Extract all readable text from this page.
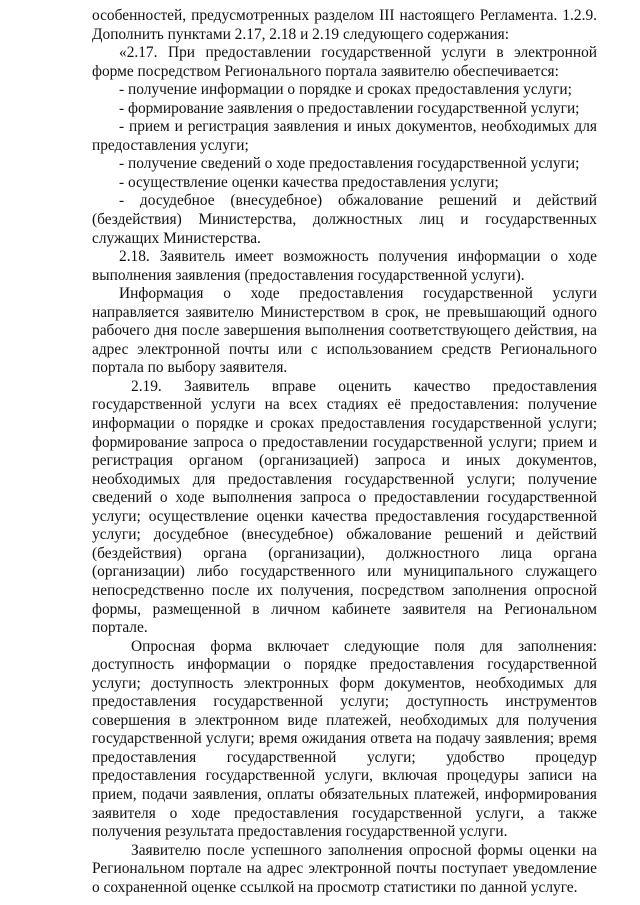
особенностей, предусмотренных разделом III настоящего Регламента. 1.2.9. Дополнить пунктами 2.17, 2.18 и 2.19 следующего содержания:

«2.17. При предоставлении государственной услуги в электронной форме посредством Регионального портала заявителю обеспечивается:

- получение информации о порядке и сроках предоставления услуги;

- формирование заявления о предоставлении государственной услуги;

- прием и регистрация заявления и иных документов, необходимых для предоставления услуги;

- получение сведений о ходе предоставления государственной услуги;

- осуществление оценки качества предоставления услуги;

- досудебное (внесудебное) обжалование решений и действий (бездействия) Министерства, должностных лиц и государственных служащих Министерства.

2.18. Заявитель имеет возможность получения информации о ходе выполнения заявления (предоставления государственной услуги).

Информация о ходе предоставления государственной услуги направляется заявителю Министерством в срок, не превышающий одного рабочего дня после завершения выполнения соответствующего действия, на адрес электронной почты или с использованием средств Регионального портала по выбору заявителя.

2.19. Заявитель вправе оценить качество предоставления государственной услуги на всех стадиях её предоставления: получение информации о порядке и сроках предоставления государственной услуги; формирование запроса о предоставлении государственной услуги; прием и регистрация органом (организацией) запроса и иных документов, необходимых для предоставления государственной услуги; получение сведений о ходе выполнения запроса о предоставлении государственной услуги; осуществление оценки качества предоставления государственной услуги; досудебное (внесудебное) обжалование решений и действий (бездействия) органа (организации), должностного лица органа (организации) либо государственного или муниципального служащего непосредственно после их получения, посредством заполнения опросной формы, размещенной в личном кабинете заявителя на Региональном портале.

Опросная форма включает следующие поля для заполнения: доступность информации о порядке предоставления государственной услуги; доступность электронных форм документов, необходимых для предоставления государственной услуги; доступность инструментов совершения в электронном виде платежей, необходимых для получения государственной услуги; время ожидания ответа на подачу заявления; время предоставления государственной услуги; удобство процедур предоставления государственной услуги, включая процедуры записи на прием, подачи заявления, оплаты обязательных платежей, информирования заявителя о ходе предоставления государственной услуги, а также получения результата предоставления государственной услуги.

Заявителю после успешного заполнения опросной формы оценки на Региональном портале на адрес электронной почты поступает уведомление о сохраненной оценке ссылкой на просмотр статистики по данной услуге.
